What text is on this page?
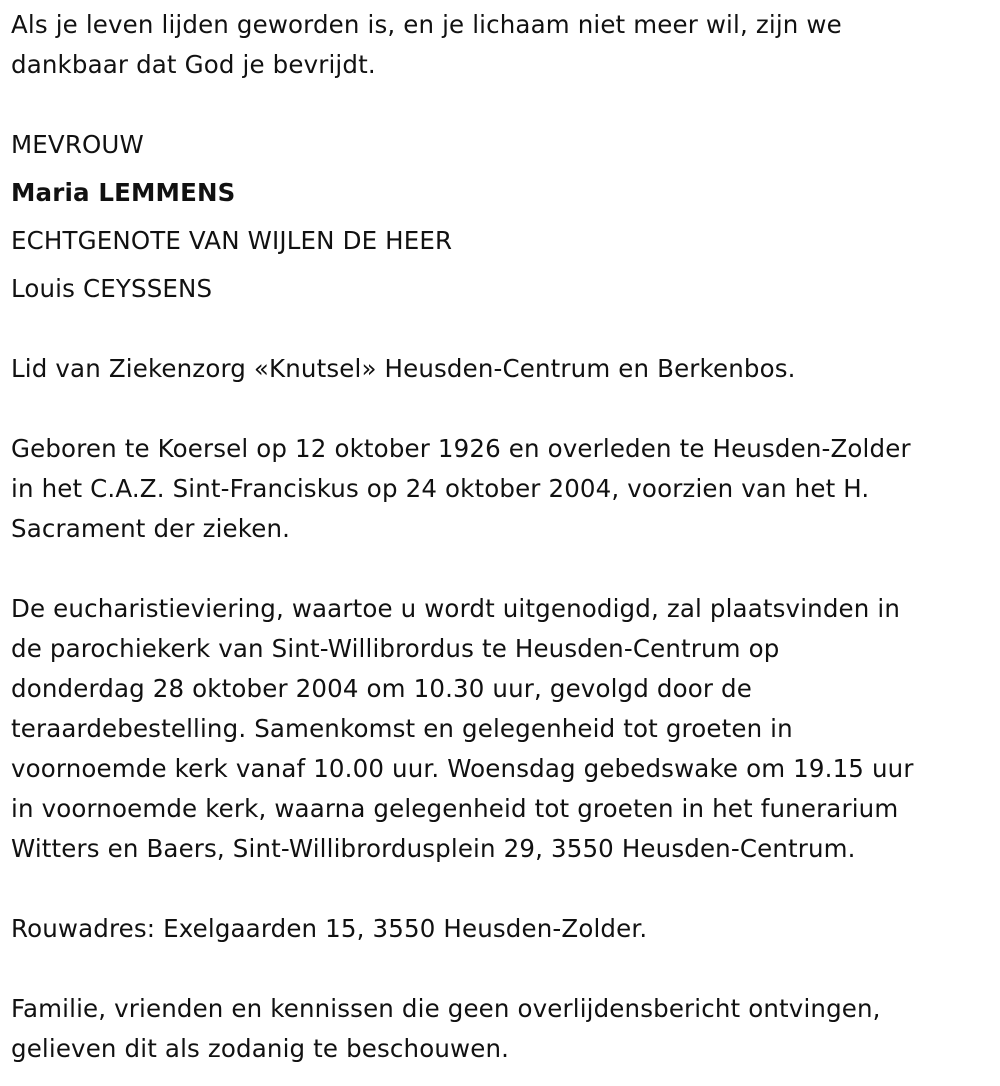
Als je leven lijden geworden is, en je lichaam niet meer wil, zijn we
dankbaar dat God je bevrijdt.

MEVROUW
Maria LEMMENS
ECHTGENOTE VAN WIJLEN DE HEER
Louis CEYSSENS

Lid van Ziekenzorg «Knutsel» Heusden-Centrum en Berkenbos.

Geboren te Koersel op 12 oktober 1926 en overleden te Heusden-Zolder
in het C.A.Z. Sint-Franciskus op 24 oktober 2004, voorzien van het H.
Sacrament der zieken.

De eucharistieviering, waartoe u wordt uitgenodigd, zal plaatsvinden in
de parochiekerk van Sint-Willibrordus te Heusden-Centrum op
donderdag 28 oktober 2004 om 10.30 uur, gevolgd door de
teraardebestelling. Samenkomst en gelegenheid tot groeten in
voornoemde kerk vanaf 10.00 uur. Woensdag gebedswake om 19.15 uur
in voornoemde kerk, waarna gelegenheid tot groeten in het funerarium
Witters en Baers, Sint-Willibrordusplein 29, 3550 Heusden-Centrum.

Rouwadres: Exelgaarden 15, 3550 Heusden-Zolder.

Familie, vrienden en kennissen die geen overlijdensbericht ontvingen,
gelieven dit als zodanig te beschouwen.
